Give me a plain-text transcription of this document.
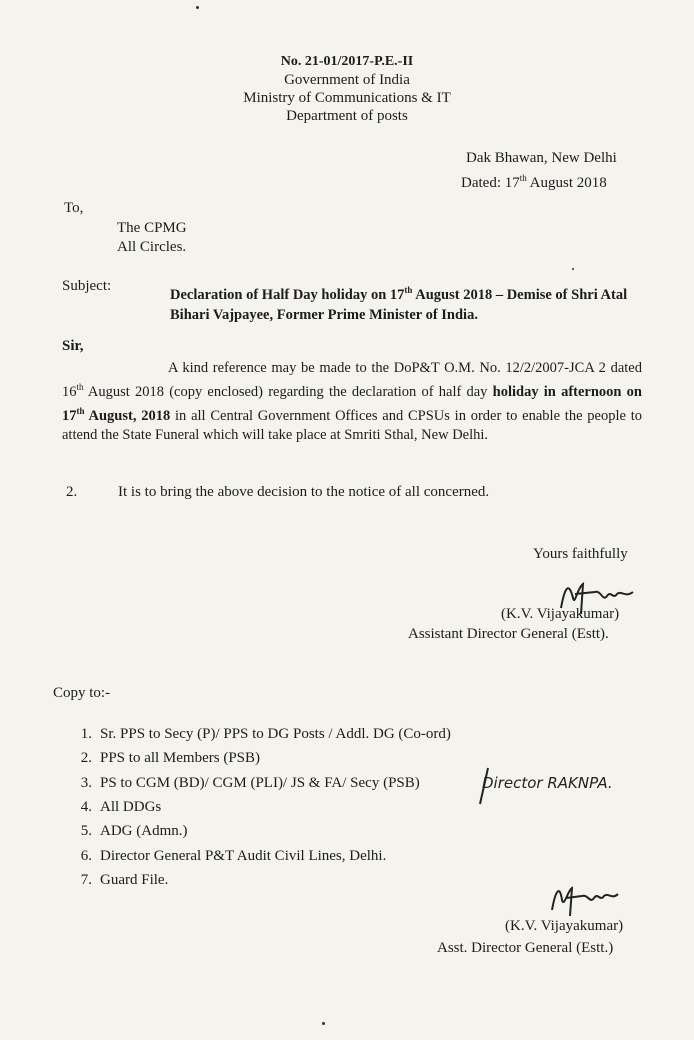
No. 21-01/2017-P.E.-II
Government of India
Ministry of Communications & IT
Department of posts
Dak Bhawan, New Delhi
Dated: 17th August 2018
To,
The CPMG
All Circles.
Subject:
Declaration of Half Day holiday on 17th August 2018 – Demise of Shri Atal Bihari Vajpayee, Former Prime Minister of India.
Sir,
A kind reference may be made to the DoP&T O.M. No. 12/2/2007-JCA 2 dated 16th August 2018 (copy enclosed) regarding the declaration of half day holiday in afternoon on 17th August, 2018 in all Central Government Offices and CPSUs in order to enable the people to attend the State Funeral which will take place at Smriti Sthal, New Delhi.
2.	It is to bring the above decision to the notice of all concerned.
Yours faithfully
(K.V. Vijayakumar)
Assistant Director General (Estt).
Copy to:-
1. Sr. PPS to Secy (P)/ PPS to DG Posts / Addl. DG (Co-ord)
2. PPS to all Members (PSB)
3. PS to CGM (BD)/ CGM (PLI)/ JS & FA/ Secy (PSB)
4. All DDGs
5. ADG (Admn.)
6. Director General P&T Audit Civil Lines, Delhi.
7. Guard File.
Director RAKNPA.
(K.V. Vijayakumar)
Asst. Director General (Estt.)
